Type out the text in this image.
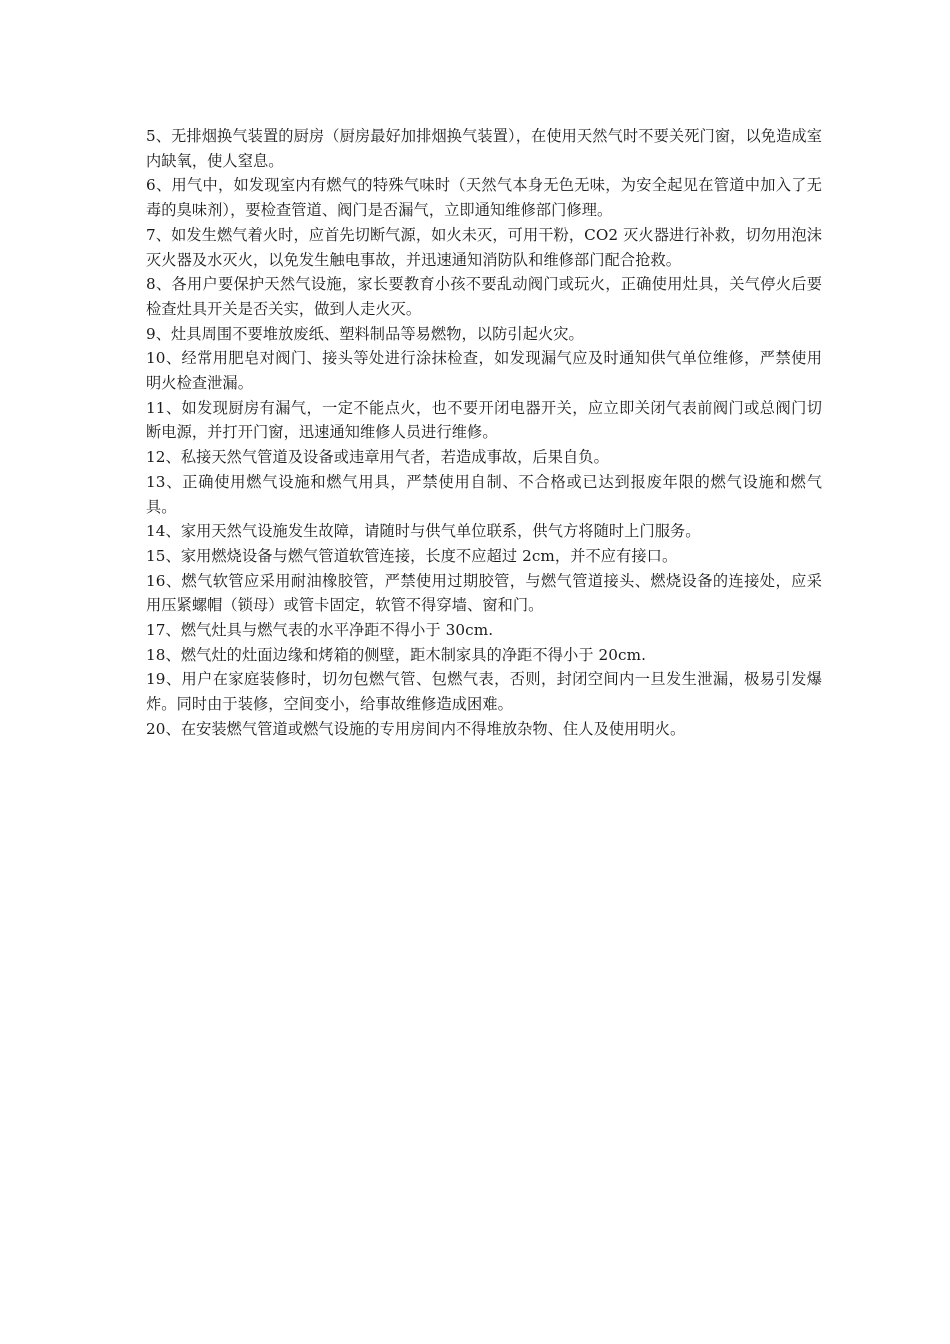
5、无排烟换气装置的厨房（厨房最好加排烟换气装置），在使用天然气时不要关死门窗，以免造成室内缺氧，使人窒息。

6、用气中，如发现室内有燃气的特殊气味时（天然气本身无色无味，为安全起见在管道中加入了无毒的臭味剂），要检查管道、阀门是否漏气，立即通知维修部门修理。

7、如发生燃气着火时，应首先切断气源，如火未灭，可用干粉，CO2 灭火器进行补救，切勿用泡沫灭火器及水灭火，以免发生触电事故，并迅速通知消防队和维修部门配合抢救。

8、各用户要保护天然气设施，家长要教育小孩不要乱动阀门或玩火，正确使用灶具，关气停火后要检查灶具开关是否关实，做到人走火灭。

9、灶具周围不要堆放废纸、塑料制品等易燃物，以防引起火灾。

10、经常用肥皂对阀门、接头等处进行涂抹检查，如发现漏气应及时通知供气单位维修，严禁使用明火检查泄漏。

11、如发现厨房有漏气，一定不能点火，也不要开闭电器开关，应立即关闭气表前阀门或总阀门切断电源，并打开门窗，迅速通知维修人员进行维修。

12、私接天然气管道及设备或违章用气者，若造成事故，后果自负。

13、正确使用燃气设施和燃气用具，严禁使用自制、不合格或已达到报废年限的燃气设施和燃气具。

14、家用天然气设施发生故障，请随时与供气单位联系，供气方将随时上门服务。

15、家用燃烧设备与燃气管道软管连接，长度不应超过 2cm，并不应有接口。

16、燃气软管应采用耐油橡胶管，严禁使用过期胶管，与燃气管道接头、燃烧设备的连接处，应采用压紧螺帽（锁母）或管卡固定，软管不得穿墙、窗和门。

17、燃气灶具与燃气表的水平净距不得小于 30cm.

18、燃气灶的灶面边缘和烤箱的侧壁，距木制家具的净距不得小于 20cm.

19、用户在家庭装修时，切勿包燃气管、包燃气表，否则，封闭空间内一旦发生泄漏，极易引发爆炸。同时由于装修，空间变小，给事故维修造成困难。

20、在安装燃气管道或燃气设施的专用房间内不得堆放杂物、住人及使用明火。
